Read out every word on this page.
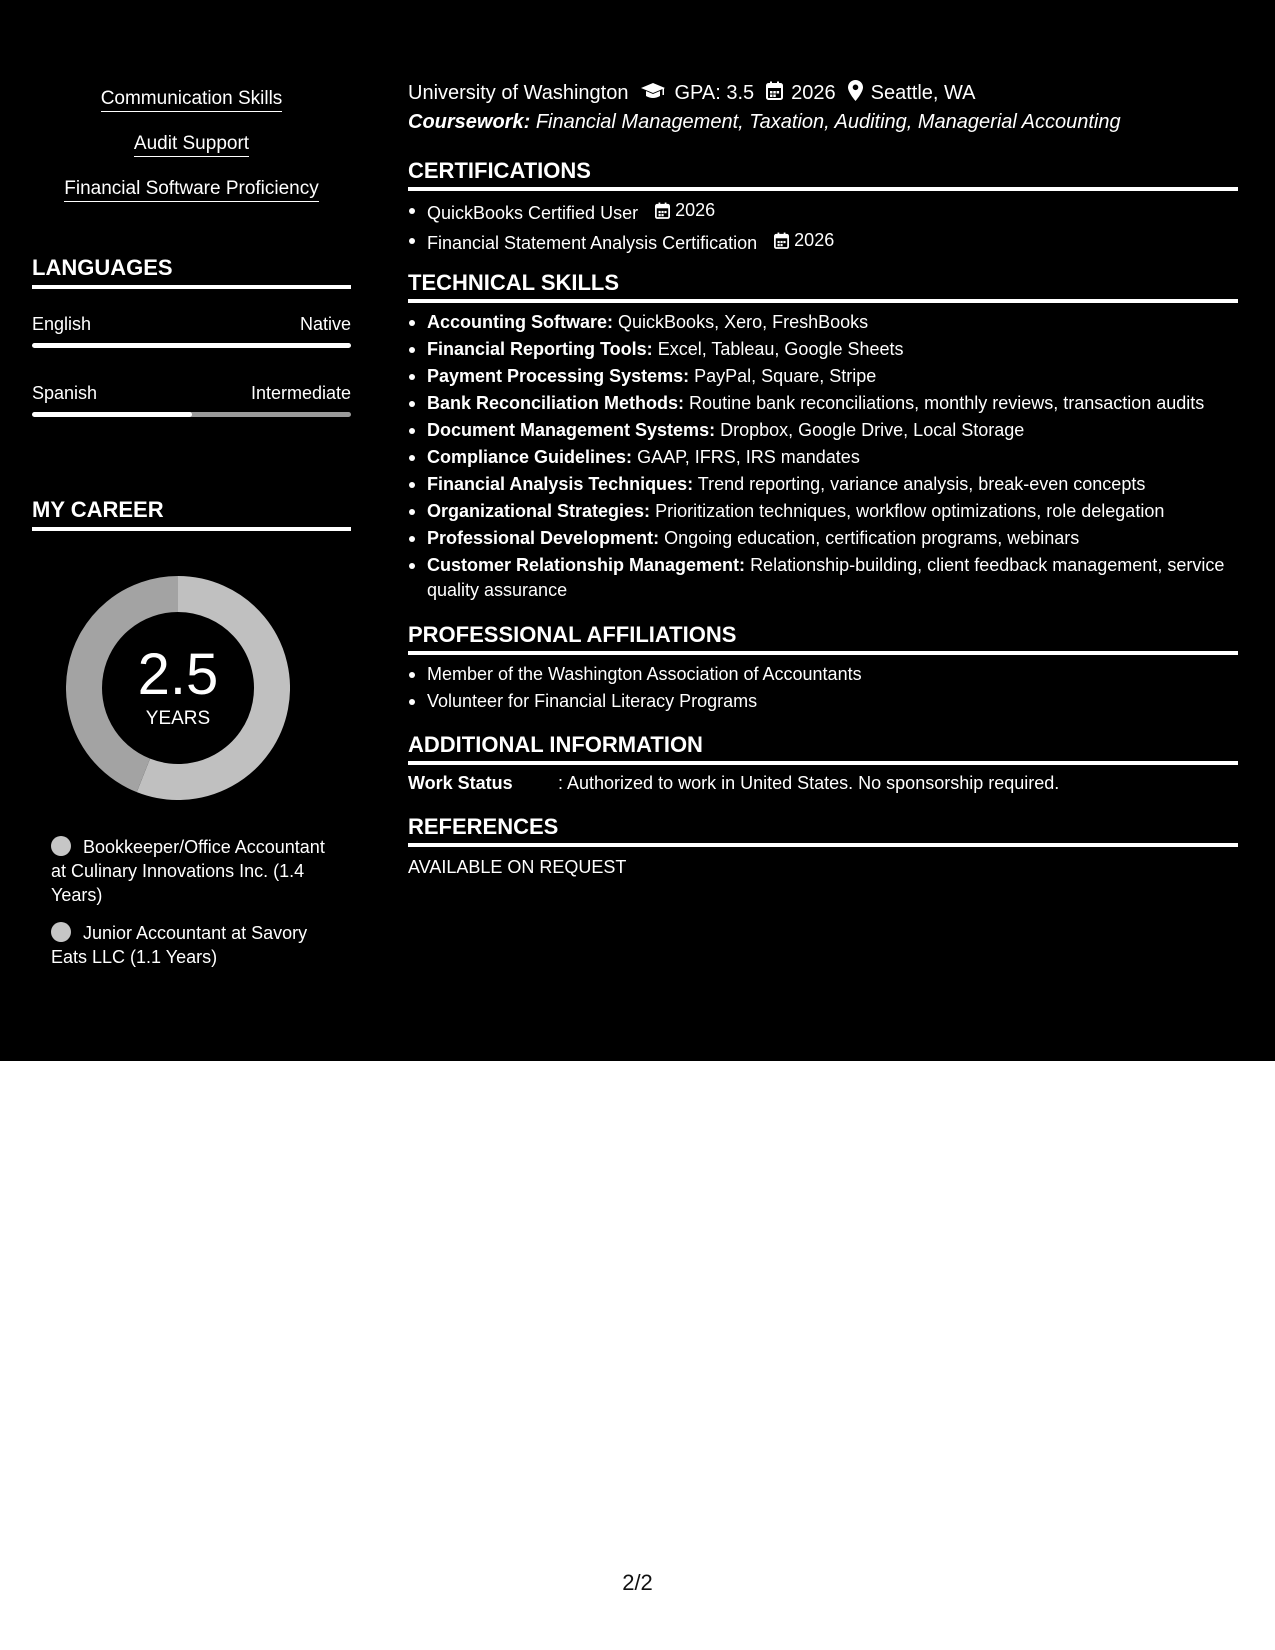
Communication Skills
Audit Support
Financial Software Proficiency
LANGUAGES
English	Native
Spanish	Intermediate
MY CAREER
2.5
YEARS
Bookkeeper/Office Accountant at Culinary Innovations Inc. (1.4 Years)
Junior Accountant at Savory Eats LLC (1.1 Years)
University of Washington GPA: 3.5 2026 Seattle, WA
Coursework: Financial Management, Taxation, Auditing, Managerial Accounting
CERTIFICATIONS
QuickBooks Certified User 2026
Financial Statement Analysis Certification 2026
TECHNICAL SKILLS
Accounting Software: QuickBooks, Xero, FreshBooks
Financial Reporting Tools: Excel, Tableau, Google Sheets
Payment Processing Systems: PayPal, Square, Stripe
Bank Reconciliation Methods: Routine bank reconciliations, monthly reviews, transaction audits
Document Management Systems: Dropbox, Google Drive, Local Storage
Compliance Guidelines: GAAP, IFRS, IRS mandates
Financial Analysis Techniques: Trend reporting, variance analysis, break-even concepts
Organizational Strategies: Prioritization techniques, workflow optimizations, role delegation
Professional Development: Ongoing education, certification programs, webinars
Customer Relationship Management: Relationship-building, client feedback management, service quality assurance
PROFESSIONAL AFFILIATIONS
Member of the Washington Association of Accountants
Volunteer for Financial Literacy Programs
ADDITIONAL INFORMATION
Work Status	: Authorized to work in United States. No sponsorship required.
REFERENCES
AVAILABLE ON REQUEST
2/2
